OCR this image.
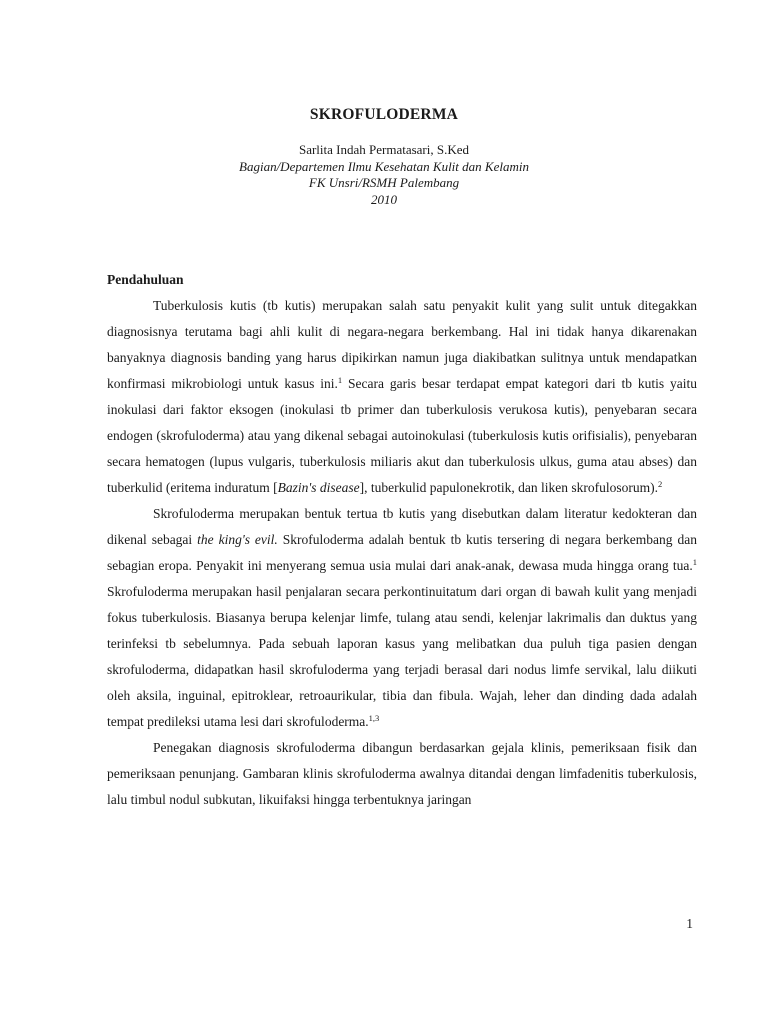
SKROFULODERMA
Sarlita Indah Permatasari, S.Ked
Bagian/Departemen Ilmu Kesehatan Kulit dan Kelamin
FK Unsri/RSMH Palembang
2010
Pendahuluan

Tuberkulosis kutis (tb kutis) merupakan salah satu penyakit kulit yang sulit untuk ditegakkan diagnosisnya terutama bagi ahli kulit di negara-negara berkembang. Hal ini tidak hanya dikarenakan banyaknya diagnosis banding yang harus dipikirkan namun juga diakibatkan sulitnya untuk mendapatkan konfirmasi mikrobiologi untuk kasus ini.$^1$ Secara garis besar terdapat empat kategori dari tb kutis yaitu inokulasi dari faktor eksogen (inokulasi tb primer dan tuberkulosis verukosa kutis), penyebaran secara endogen (skrofuloderma) atau yang dikenal sebagai autoinokulasi (tuberkulosis kutis orifisialis), penyebaran secara hematogen (lupus vulgaris, tuberkulosis miliaris akut dan tuberkulosis ulkus, guma atau abses) dan tuberkulid (eritema induratum [Bazin's disease], tuberkulid papulonekrotik, dan liken skrofulosorum).$^2$

Skrofuloderma merupakan bentuk tertua tb kutis yang disebutkan dalam literatur kedokteran dan dikenal sebagai the king's evil. Skrofuloderma adalah bentuk tb kutis tersering di negara berkembang dan sebagian eropa. Penyakit ini menyerang semua usia mulai dari anak-anak, dewasa muda hingga orang tua.$^1$ Skrofuloderma merupakan hasil penjalaran secara perkontinuitatum dari organ di bawah kulit yang menjadi fokus tuberkulosis. Biasanya berupa kelenjar limfe, tulang atau sendi, kelenjar lakrimalis dan duktus yang terinfeksi tb sebelumnya. Pada sebuah laporan kasus yang melibatkan dua puluh tiga pasien dengan skrofuloderma, didapatkan hasil skrofuloderma yang terjadi berasal dari nodus limfe servikal, lalu diikuti oleh aksila, inguinal, epitroklear, retroaurikular, tibia dan fibula. Wajah, leher dan dinding dada adalah tempat predileksi utama lesi dari skrofuloderma.$^{1,3}$

Penegakan diagnosis skrofuloderma dibangun berdasarkan gejala klinis, pemeriksaan fisik dan pemeriksaan penunjang. Gambaran klinis skrofuloderma awalnya ditandai dengan limfadenitis tuberkulosis, lalu timbul nodul subkutan, likuifaksi hingga terbentuknya jaringan

1
